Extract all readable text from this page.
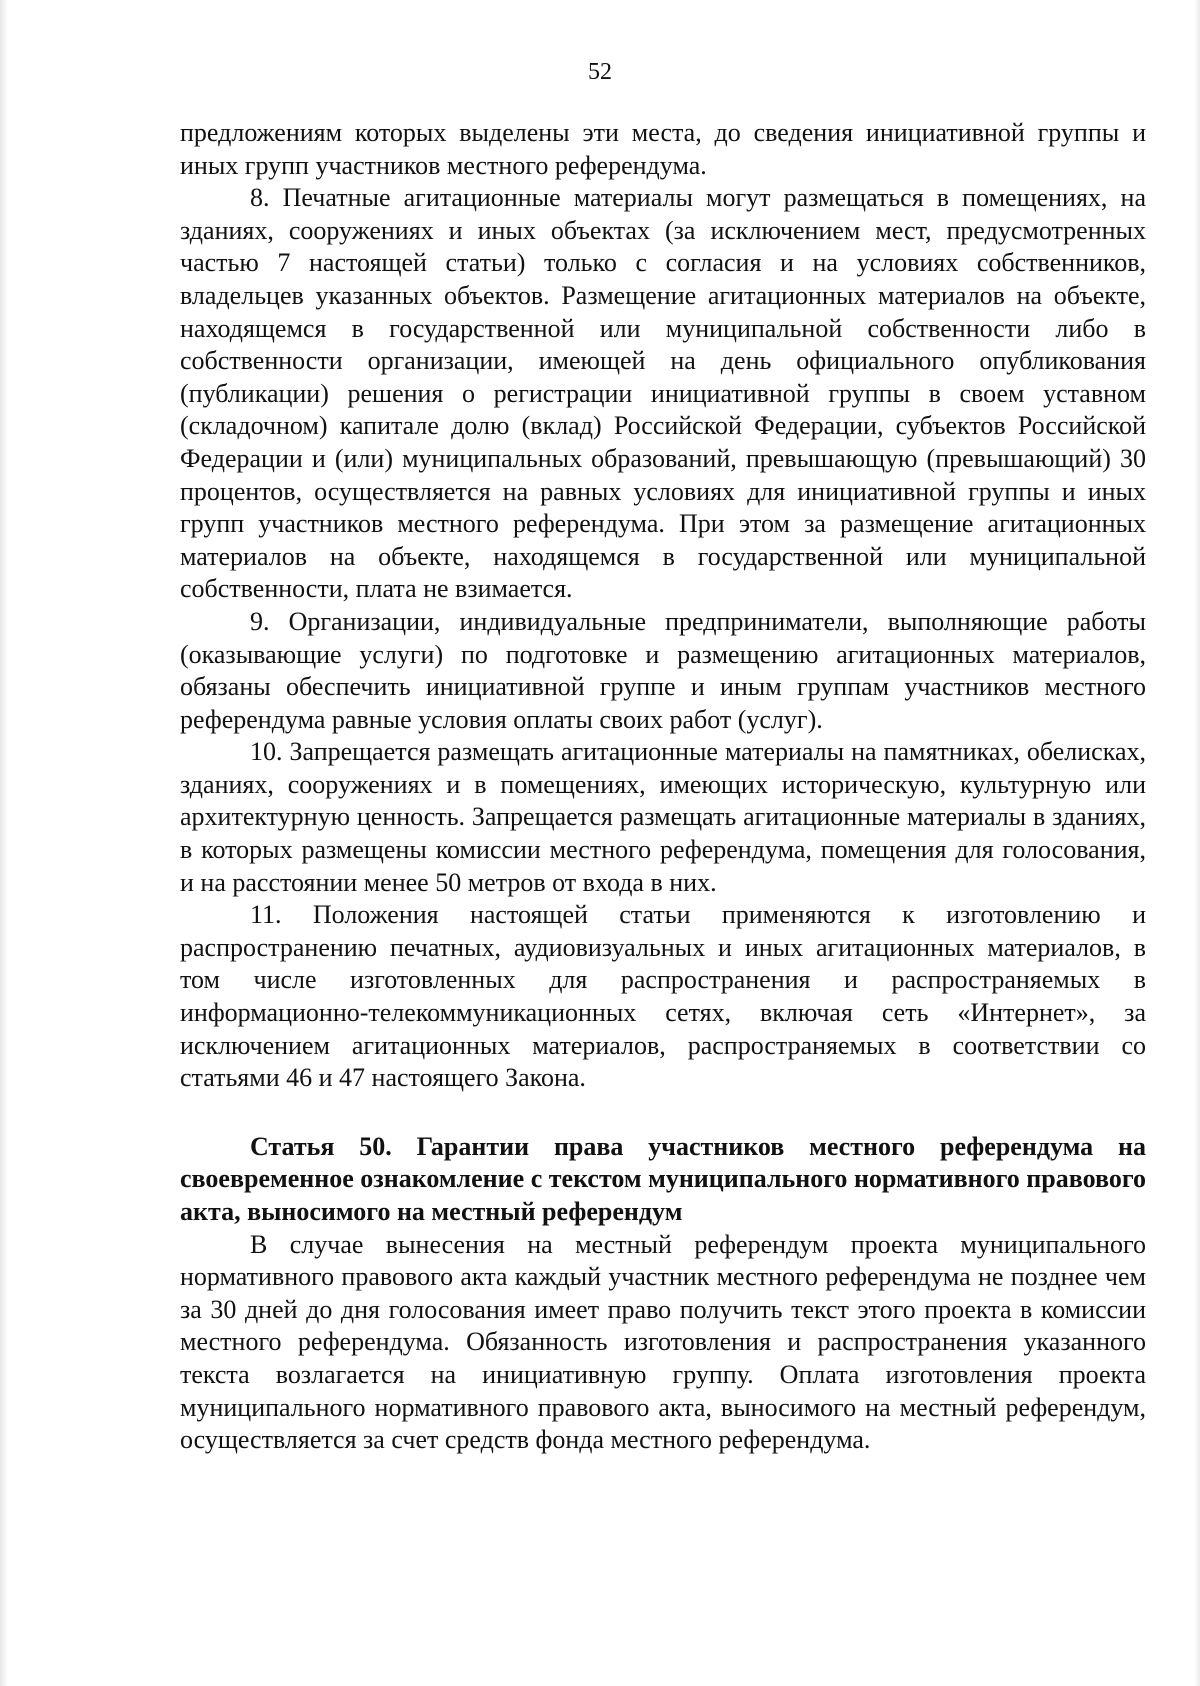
52

предложениям которых выделены эти места, до сведения инициативной группы и иных групп участников местного референдума.

8. Печатные агитационные материалы могут размещаться в помещениях, на зданиях, сооружениях и иных объектах (за исключением мест, предусмотренных частью 7 настоящей статьи) только с согласия и на условиях собственников, владельцев указанных объектов. Размещение агитационных материалов на объекте, находящемся в государственной или муниципальной собственности либо в собственности организации, имеющей на день официального опубликования (публикации) решения о регистрации инициативной группы в своем уставном (складочном) капитале долю (вклад) Российской Федерации, субъектов Российской Федерации и (или) муниципальных образований, превышающую (превышающий) 30 процентов, осуществляется на равных условиях для инициативной группы и иных групп участников местного референдума. При этом за размещение агитационных материалов на объекте, находящемся в государственной или муниципальной собственности, плата не взимается.

9. Организации, индивидуальные предприниматели, выполняющие работы (оказывающие услуги) по подготовке и размещению агитационных материалов, обязаны обеспечить инициативной группе и иным группам участников местного референдума равные условия оплаты своих работ (услуг).

10. Запрещается размещать агитационные материалы на памятниках, обелисках, зданиях, сооружениях и в помещениях, имеющих историческую, культурную или архитектурную ценность. Запрещается размещать агитационные материалы в зданиях, в которых размещены комиссии местного референдума, помещения для голосования, и на расстоянии менее 50 метров от входа в них.

11. Положения настоящей статьи применяются к изготовлению и распространению печатных, аудиовизуальных и иных агитационных материалов, в том числе изготовленных для распространения и распространяемых в информационно-телекоммуникационных сетях, включая сеть «Интернет», за исключением агитационных материалов, распространяемых в соответствии со статьями 46 и 47 настоящего Закона.

Статья 50. Гарантии права участников местного референдума на своевременное ознакомление с текстом муниципального нормативного правового акта, выносимого на местный референдум

В случае вынесения на местный референдум проекта муниципального нормативного правового акта каждый участник местного референдума не позднее чем за 30 дней до дня голосования имеет право получить текст этого проекта в комиссии местного референдума. Обязанность изготовления и распространения указанного текста возлагается на инициативную группу. Оплата изготовления проекта муниципального нормативного правового акта, выносимого на местный референдум, осуществляется за счет средств фонда местного референдума.
